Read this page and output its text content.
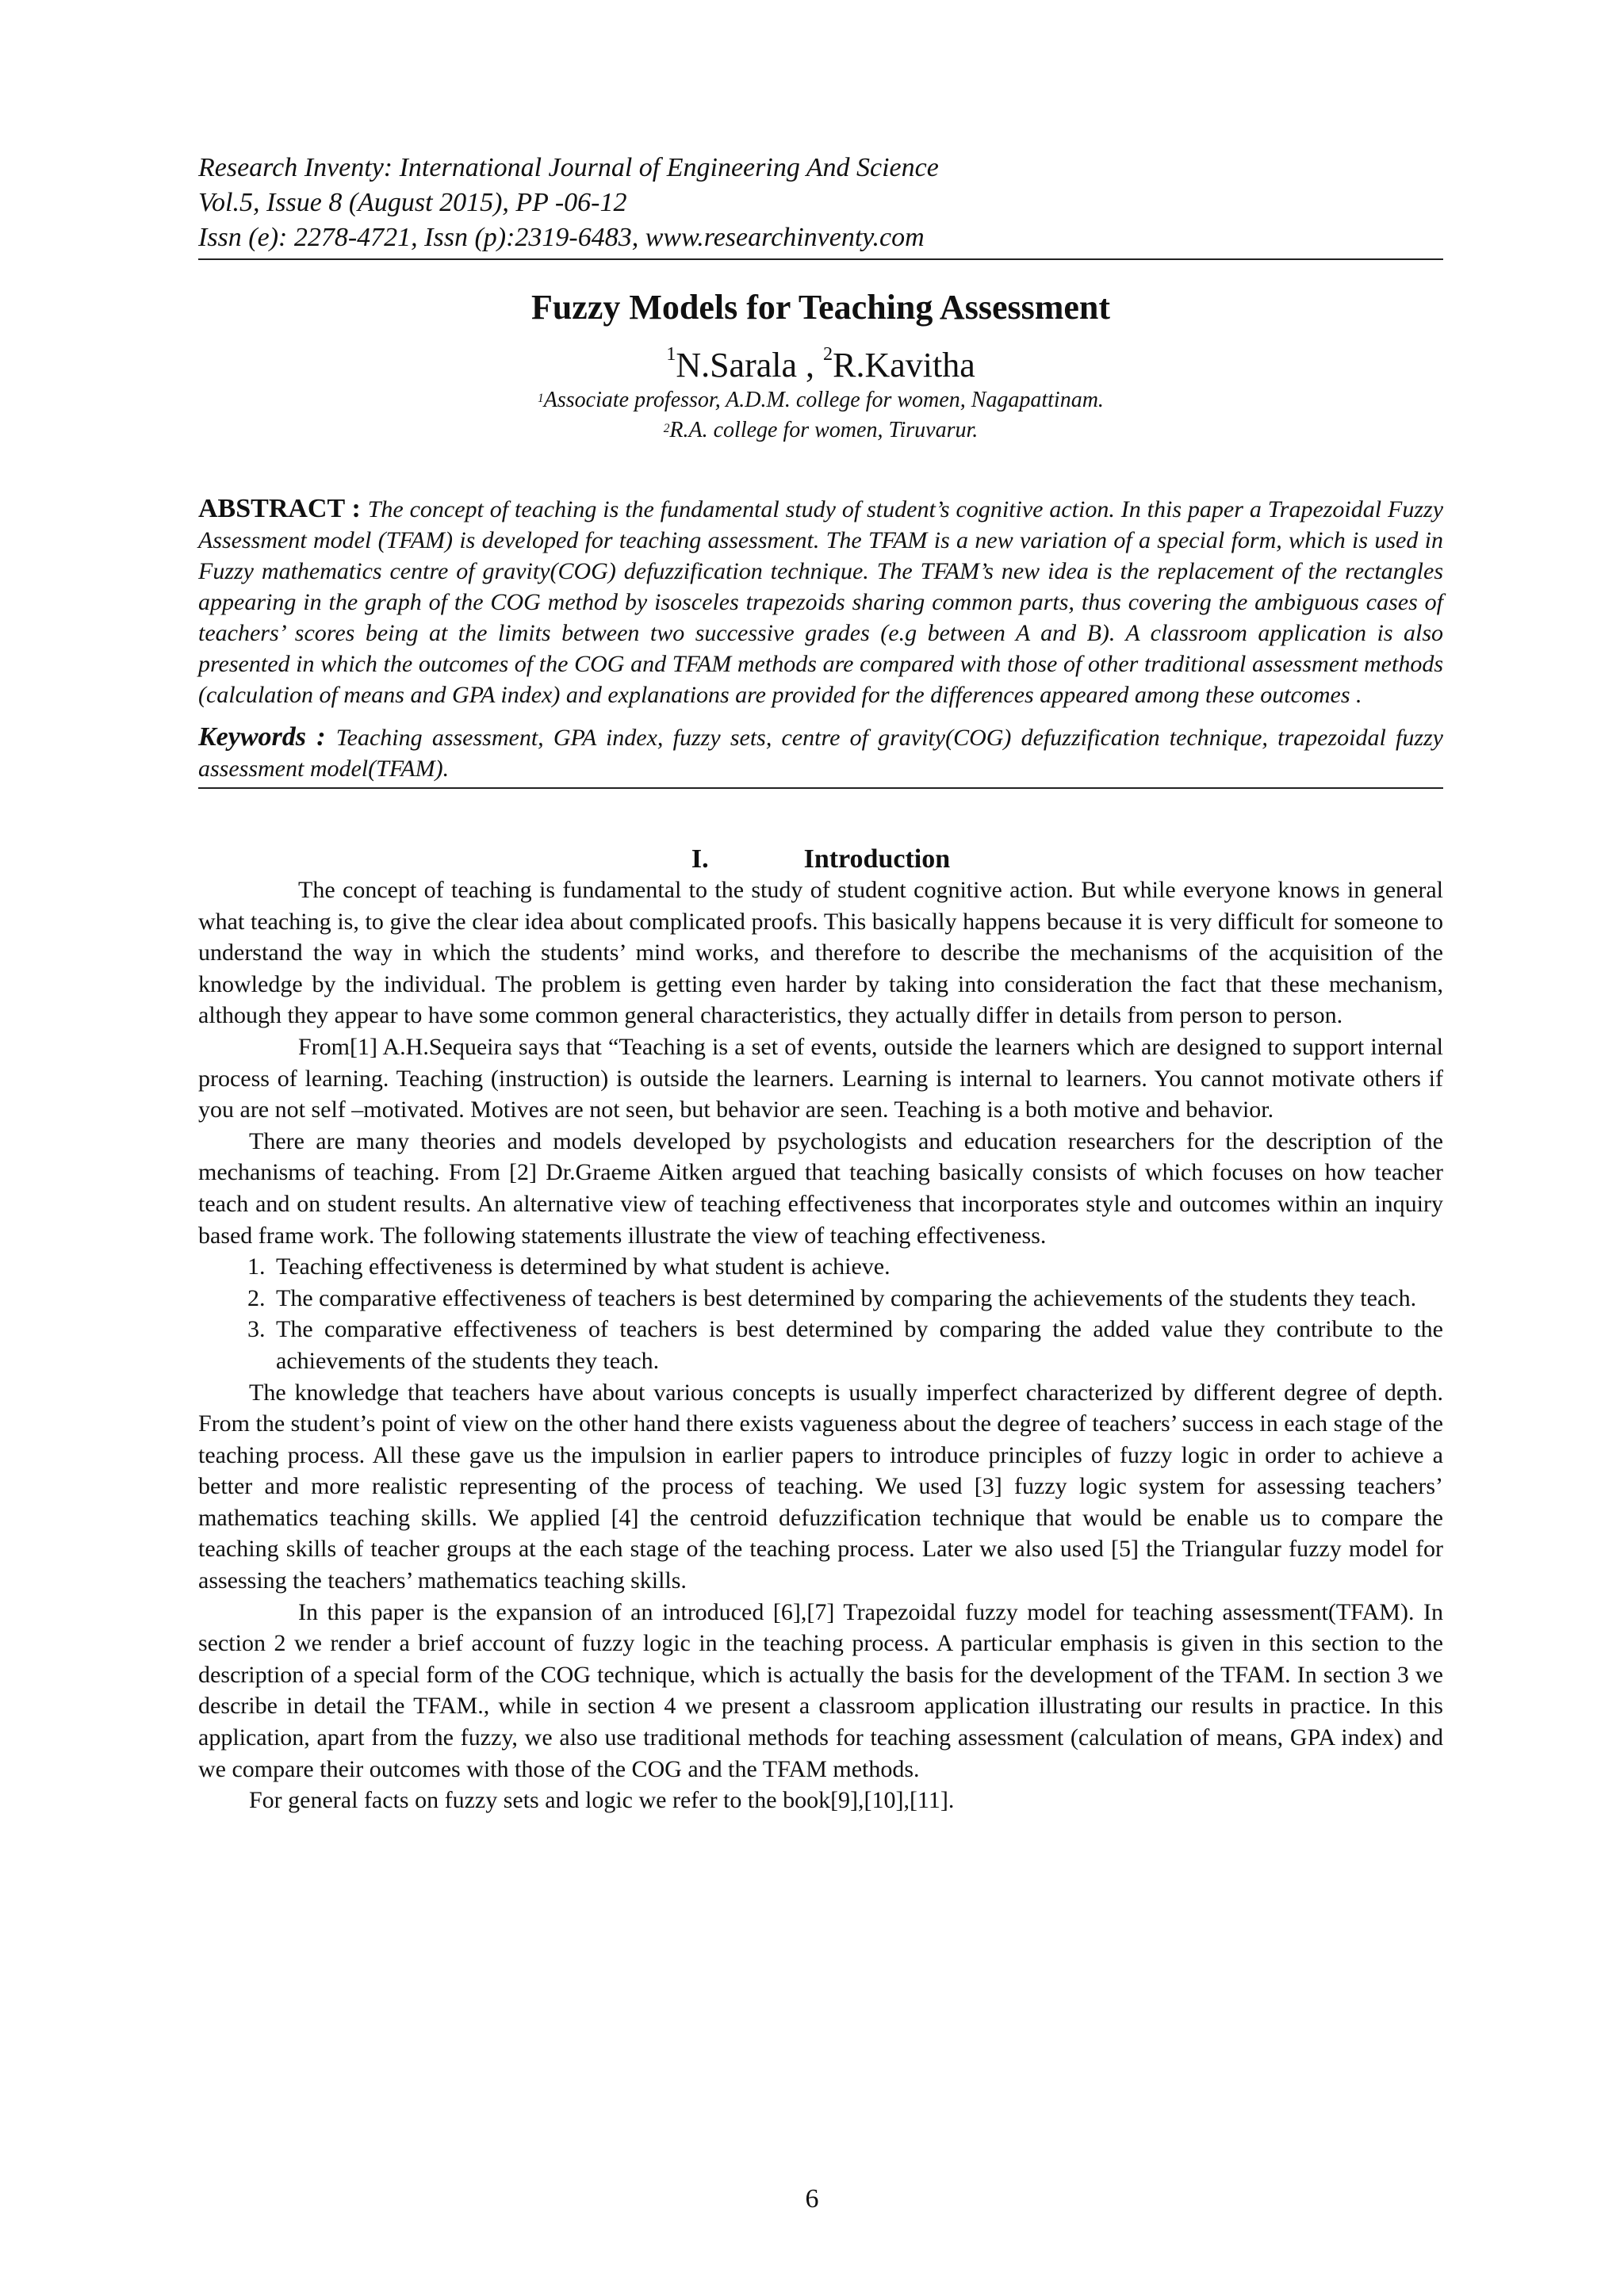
Research Inventy: International Journal of Engineering And Science
Vol.5, Issue 8 (August 2015), PP -06-12
Issn (e): 2278-4721, Issn (p):2319-6483, www.researchinventy.com
Fuzzy Models for Teaching Assessment
$^1$N.Sarala , $^2$R.Kavitha
$^1$Associate professor, A.D.M. college for women, Nagapattinam.
$^2$R.A. college for women, Tiruvarur.
ABSTRACT : The concept of teaching is the fundamental study of student’s cognitive action. In this paper a Trapezoidal Fuzzy Assessment model (TFAM) is developed for teaching assessment. The TFAM is a new variation of a special form, which is used in Fuzzy mathematics centre of gravity(COG) defuzzification technique. The TFAM’s new idea is the replacement of the rectangles appearing in the graph of the COG method by isosceles trapezoids sharing common parts, thus covering the ambiguous cases of teachers’ scores being at the limits between two successive grades (e.g between A and B). A classroom application is also presented in which the outcomes of the COG and TFAM methods are compared with those of other traditional assessment methods (calculation of means and GPA index) and explanations are provided for the differences appeared among these outcomes .
Keywords : Teaching assessment, GPA index, fuzzy sets, centre of gravity(COG) defuzzification technique, trapezoidal fuzzy assessment model(TFAM).
I.	Introduction

The concept of teaching is fundamental to the study of student cognitive action. But while everyone knows in general what teaching is, to give the clear idea about complicated proofs. This basically happens because it is very difficult for someone to understand the way in which the students’ mind works, and therefore to describe the mechanisms of the acquisition of the knowledge by the individual. The problem is getting even harder by taking into consideration the fact that these mechanism, although they appear to have some common general characteristics, they actually differ in details from person to person.

From[1] A.H.Sequeira says that “Teaching is a set of events, outside the learners which are designed to support internal process of learning. Teaching (instruction) is outside the learners. Learning is internal to learners. You cannot motivate others if you are not self –motivated. Motives are not seen, but behavior are seen. Teaching is a both motive and behavior.

There are many theories and models developed by psychologists and education researchers for the description of the mechanisms of teaching. From [2] Dr.Graeme Aitken argued that teaching basically consists of which focuses on how teacher teach and on student results. An alternative view of teaching effectiveness that incorporates style and outcomes within an inquiry based frame work. The following statements illustrate the view of teaching effectiveness.

1. Teaching effectiveness is determined by what student is achieve.
2. The comparative effectiveness of teachers is best determined by comparing the achievements of the students they teach.
3. The comparative effectiveness of teachers is best determined by comparing the added value they contribute to the achievements of the students they teach.

The knowledge that teachers have about various concepts is usually imperfect characterized by different degree of depth. From the student’s point of view on the other hand there exists vagueness about the degree of teachers’ success in each stage of the teaching process. All these gave us the impulsion in earlier papers to introduce principles of fuzzy logic in order to achieve a better and more realistic representing of the process of teaching. We used [3] fuzzy logic system for assessing teachers’ mathematics teaching skills. We applied [4] the centroid defuzzification technique that would be enable us to compare the teaching skills of teacher groups at the each stage of the teaching process. Later we also used [5] the Triangular fuzzy model for assessing the teachers’ mathematics teaching skills.

In this paper is the expansion of an introduced [6],[7] Trapezoidal fuzzy model for teaching assessment(TFAM). In section 2 we render a brief account of fuzzy logic in the teaching process. A particular emphasis is given in this section to the description of a special form of the COG technique, which is actually the basis for the development of the TFAM. In section 3 we describe in detail the TFAM., while in section 4 we present a classroom application illustrating our results in practice. In this application, apart from the fuzzy, we also use traditional methods for teaching assessment (calculation of means, GPA index) and we compare their outcomes with those of the COG and the TFAM methods.

For general facts on fuzzy sets and logic we refer to the book[9],[10],[11].

6
